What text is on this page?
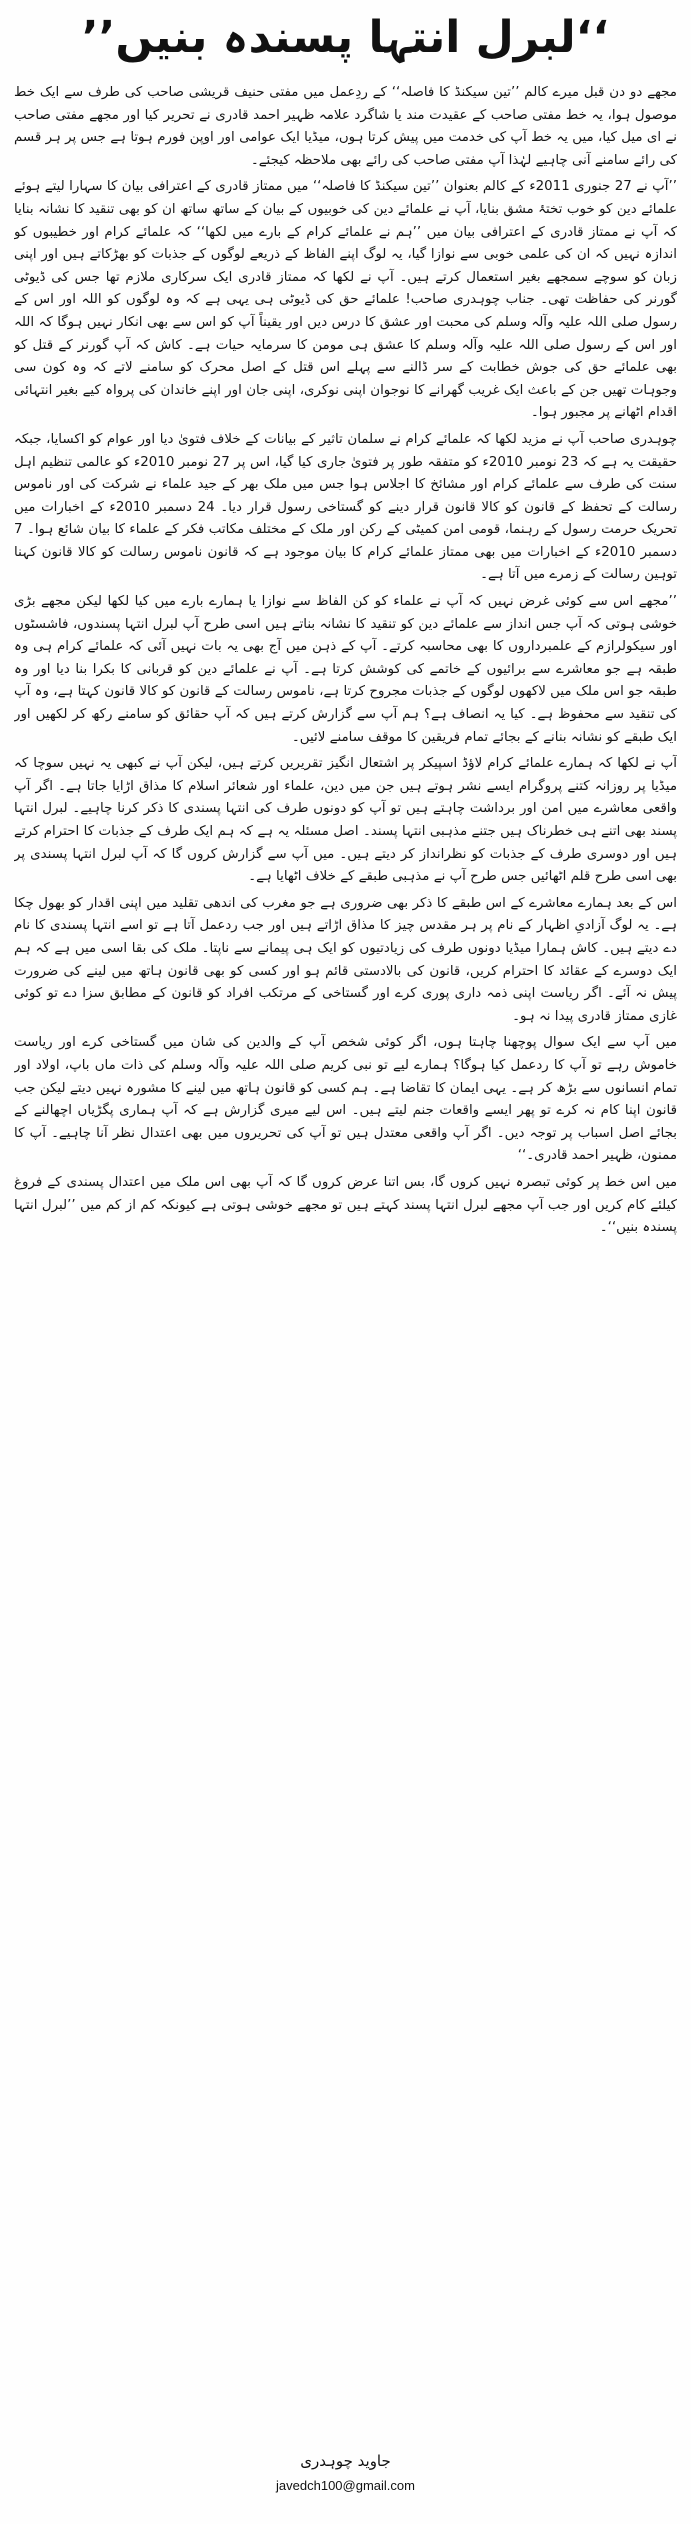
’’لبرل انتہا پسندہ بنیں‘‘

مجھے دو دن قبل میرے کالم ’’تین سیکنڈ کا فاصلہ‘‘ کے ردِعمل میں مفتی حنیف قریشی صاحب کی طرف سے ایک خط موصول ہوا، یہ خط مفتی صاحب کے عقیدت مند یا شاگرد علامہ ظہیر احمد قادری نے تحریر کیا اور مجھے مفتی صاحب نے ای میل کیا، میں یہ خط آپ کی خدمت میں پیش کرتا ہوں، میڈیا ایک عوامی اور اوپن فورم ہوتا ہے جس پر ہر قسم کی رائے سامنے آنی چاہیے لہٰذا آپ مفتی صاحب کی رائے بھی ملاحظہ کیجئے۔

’’آپ نے 27 جنوری 2011ء کے کالم بعنوان ’’تین سیکنڈ کا فاصلہ‘‘ میں ممتاز قادری کے اعترافی بیان کا سہارا لیتے ہوئے علمائے دین کو خوب تختۂ مشق بنایا، آپ نے علمائے دین کی خوبیوں کے بیان کے ساتھ ساتھ ان کو بھی تنقید کا نشانہ بنایا کہ آپ نے ممتاز قادری کے اعترافی بیان میں ’’ہم نے علمائے کرام کے بارے میں لکھا‘‘ کہ علمائے کرام اور خطیبوں کو اندازہ نہیں کہ ان کی علمی خوبی سے نوازا گیا، یہ لوگ اپنے الفاظ کے ذریعے لوگوں کے جذبات کو بھڑکاتے ہیں اور اپنی زبان کو سوچے سمجھے بغیر استعمال کرتے ہیں۔ آپ نے لکھا کہ ممتاز قادری ایک سرکاری ملازم تھا جس کی ڈیوٹی گورنر کی حفاظت تھی۔ جناب چوہدری صاحب! علمائے حق کی ڈیوٹی ہی یہی ہے کہ وہ لوگوں کو اللہ اور اس کے رسول صلی اللہ علیہ وآلہ وسلم کی محبت اور عشق کا درس دیں اور یقیناً آپ کو اس سے بھی انکار نہیں ہوگا کہ اللہ اور اس کے رسول صلی اللہ علیہ وآلہ وسلم کا عشق ہی مومن کا سرمایہ حیات ہے۔ کاش کہ آپ گورنر کے قتل کو بھی علمائے حق کی جوش خطابت کے سر ڈالنے سے پہلے اس قتل کے اصل محرک کو سامنے لاتے کہ وہ کون سی وجوہات تھیں جن کے باعث ایک غریب گھرانے کا نوجوان اپنی نوکری، اپنی جان اور اپنے خاندان کی پرواہ کیے بغیر انتہائی اقدام اٹھانے پر مجبور ہوا۔

چوہدری صاحب آپ نے مزید لکھا کہ علمائے کرام نے سلمان تاثیر کے بیانات کے خلاف فتویٰ دیا اور عوام کو اکسایا، جبکہ حقیقت یہ ہے کہ 23 نومبر 2010ء کو متفقہ طور پر فتویٰ جاری کیا گیا، اس پر 27 نومبر 2010ء کو عالمی تنظیم اہل سنت کی طرف سے علمائے کرام اور مشائخ کا اجلاس ہوا جس میں ملک بھر کے جید علماء نے شرکت کی اور ناموس رسالت کے تحفظ کے قانون کو کالا قانون قرار دینے کو گستاخی رسول قرار دیا۔ 24 دسمبر 2010ء کے اخبارات میں تحریک حرمت رسول کے رہنما، قومی امن کمیٹی کے رکن اور ملک کے مختلف مکاتب فکر کے علماء کا بیان شائع ہوا۔ 7 دسمبر 2010ء کے اخبارات میں بھی ممتاز علمائے کرام کا بیان موجود ہے کہ قانون ناموس رسالت کو کالا قانون کہنا توہین رسالت کے زمرے میں آتا ہے۔

’’مجھے اس سے کوئی غرض نہیں کہ آپ نے علماء کو کن الفاظ سے نوازا یا ہمارے بارے میں کیا لکھا لیکن مجھے بڑی خوشی ہوتی کہ آپ جس انداز سے علمائے دین کو تنقید کا نشانہ بناتے ہیں اسی طرح آپ لبرل انتہا پسندوں، فاشسٹوں اور سیکولرازم کے علمبرداروں کا بھی محاسبہ کرتے۔ آپ کے ذہن میں آج بھی یہ بات نہیں آئی کہ علمائے کرام ہی وہ طبقہ ہے جو معاشرے سے برائیوں کے خاتمے کی کوشش کرتا ہے۔ آپ نے علمائے دین کو قربانی کا بکرا بنا دیا اور وہ طبقہ جو اس ملک میں لاکھوں لوگوں کے جذبات مجروح کرتا ہے، ناموس رسالت کے قانون کو کالا قانون کہتا ہے، وہ آپ کی تنقید سے محفوظ ہے۔ کیا یہ انصاف ہے؟ ہم آپ سے گزارش کرتے ہیں کہ آپ حقائق کو سامنے رکھ کر لکھیں اور ایک طبقے کو نشانہ بنانے کے بجائے تمام فریقین کا موقف سامنے لائیں۔

آپ نے لکھا کہ ہمارے علمائے کرام لاؤڈ اسپیکر پر اشتعال انگیز تقریریں کرتے ہیں، لیکن آپ نے کبھی یہ نہیں سوچا کہ میڈیا پر روزانہ کتنے پروگرام ایسے نشر ہوتے ہیں جن میں دین، علماء اور شعائر اسلام کا مذاق اڑایا جاتا ہے۔ اگر آپ واقعی معاشرے میں امن اور برداشت چاہتے ہیں تو آپ کو دونوں طرف کی انتہا پسندی کا ذکر کرنا چاہیے۔ لبرل انتہا پسند بھی اتنے ہی خطرناک ہیں جتنے مذہبی انتہا پسند۔ اصل مسئلہ یہ ہے کہ ہم ایک طرف کے جذبات کا احترام کرتے ہیں اور دوسری طرف کے جذبات کو نظرانداز کر دیتے ہیں۔ میں آپ سے گزارش کروں گا کہ آپ لبرل انتہا پسندی پر بھی اسی طرح قلم اٹھائیں جس طرح آپ نے مذہبی طبقے کے خلاف اٹھایا ہے۔

اس کے بعد ہمارے معاشرے کے اس طبقے کا ذکر بھی ضروری ہے جو مغرب کی اندھی تقلید میں اپنی اقدار کو بھول چکا ہے۔ یہ لوگ آزادیِ اظہار کے نام پر ہر مقدس چیز کا مذاق اڑاتے ہیں اور جب ردعمل آتا ہے تو اسے انتہا پسندی کا نام دے دیتے ہیں۔ کاش ہمارا میڈیا دونوں طرف کی زیادتیوں کو ایک ہی پیمانے سے ناپتا۔ ملک کی بقا اسی میں ہے کہ ہم ایک دوسرے کے عقائد کا احترام کریں، قانون کی بالادستی قائم ہو اور کسی کو بھی قانون ہاتھ میں لینے کی ضرورت پیش نہ آئے۔ اگر ریاست اپنی ذمہ داری پوری کرے اور گستاخی کے مرتکب افراد کو قانون کے مطابق سزا دے تو کوئی غازی ممتاز قادری پیدا نہ ہو۔

میں آپ سے ایک سوال پوچھنا چاہتا ہوں، اگر کوئی شخص آپ کے والدین کی شان میں گستاخی کرے اور ریاست خاموش رہے تو آپ کا ردعمل کیا ہوگا؟ ہمارے لیے تو نبی کریم صلی اللہ علیہ وآلہ وسلم کی ذات ماں باپ، اولاد اور تمام انسانوں سے بڑھ کر ہے۔ یہی ایمان کا تقاضا ہے۔ ہم کسی کو قانون ہاتھ میں لینے کا مشورہ نہیں دیتے لیکن جب قانون اپنا کام نہ کرے تو پھر ایسے واقعات جنم لیتے ہیں۔ اس لیے میری گزارش ہے کہ آپ ہماری پگڑیاں اچھالنے کے بجائے اصل اسباب پر توجہ دیں۔ اگر آپ واقعی معتدل ہیں تو آپ کی تحریروں میں بھی اعتدال نظر آنا چاہیے۔ آپ کا ممنون، ظہیر احمد قادری۔‘‘

میں اس خط پر کوئی تبصرہ نہیں کروں گا، بس اتنا عرض کروں گا کہ آپ بھی اس ملک میں اعتدال پسندی کے فروغ کیلئے کام کریں اور جب آپ مجھے لبرل انتہا پسند کہتے ہیں تو مجھے خوشی ہوتی ہے کیونکہ کم از کم میں ’’لبرل انتہا پسندہ بنیں‘‘۔

جاوید چوہدری
javedch100@gmail.com
